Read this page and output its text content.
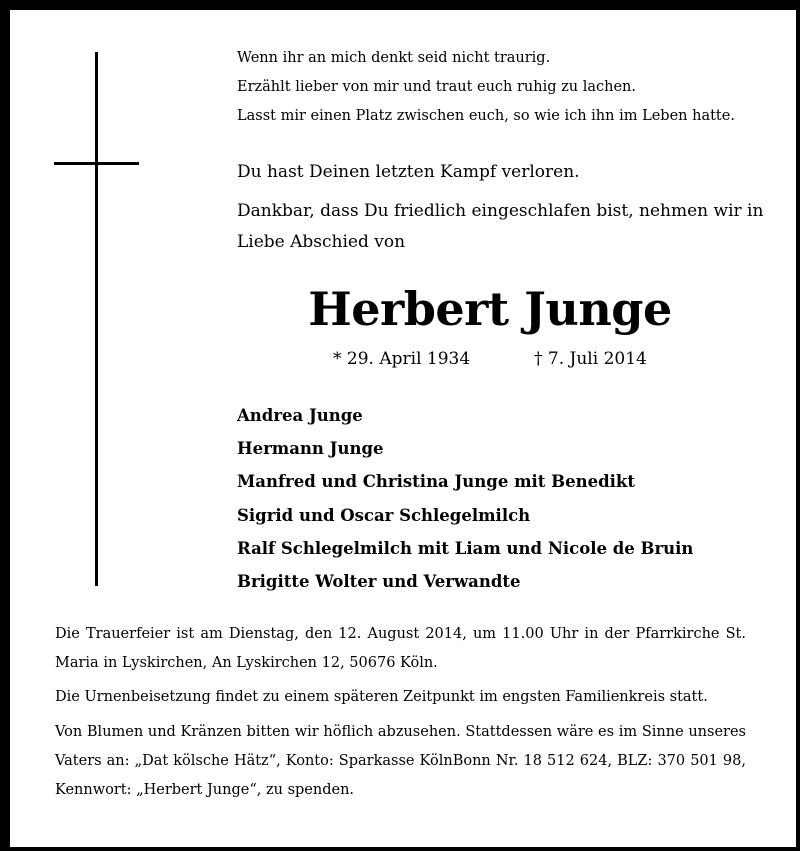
Wenn ihr an mich denkt seid nicht traurig.
Erzählt lieber von mir und traut euch ruhig zu lachen.
Lasst mir einen Platz zwischen euch, so wie ich ihn im Leben hatte.
Du hast Deinen letzten Kampf verloren.
Dankbar, dass Du friedlich eingeschlafen bist, nehmen wir in
Liebe Abschied von
Herbert Junge
* 29. April 1934	† 7. Juli 2014
Andrea Junge
Hermann Junge
Manfred und Christina Junge mit Benedikt
Sigrid und Oscar Schlegelmilch
Ralf Schlegelmilch mit Liam und Nicole de Bruin
Brigitte Wolter und Verwandte
Die Trauerfeier ist am Dienstag, den 12. August 2014, um 11.00 Uhr in der Pfarrkirche St. Maria in Lyskirchen, An Lyskirchen 12, 50676 Köln.
Die Urnenbeisetzung findet zu einem späteren Zeitpunkt im engsten Familienkreis statt.
Von Blumen und Kränzen bitten wir höflich abzusehen. Stattdessen wäre es im Sinne unseres Vaters an: „Dat kölsche Hätz“, Konto: Sparkasse KölnBonn Nr. 18 512 624, BLZ: 370 501 98, Kennwort: „Herbert Junge“, zu spenden.
